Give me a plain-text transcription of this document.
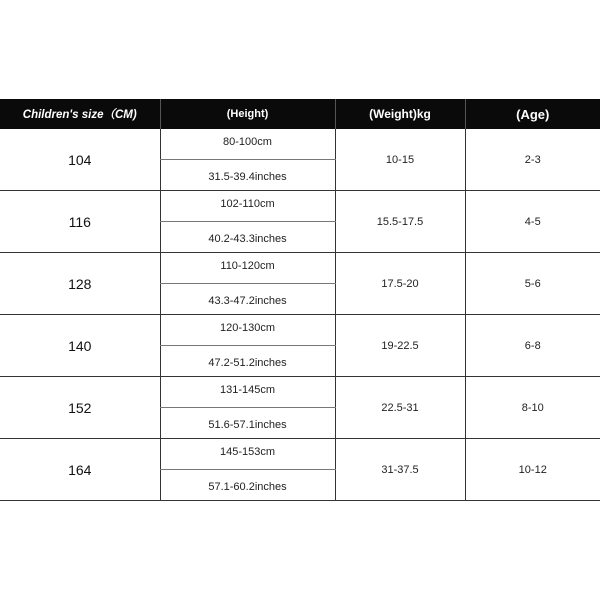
Children's size（CM)	(Height)	(Weight)kg	(Age)
104	80-100cm	10-15	2-3
	31.5-39.4inches		
116	102-110cm	15.5-17.5	4-5
	40.2-43.3inches		
128	110-120cm	17.5-20	5-6
	43.3-47.2inches		
140	120-130cm	19-22.5	6-8
	47.2-51.2inches		
152	131-145cm	22.5-31	8-10
	51.6-57.1inches		
164	145-153cm	31-37.5	10-12
	57.1-60.2inches		
